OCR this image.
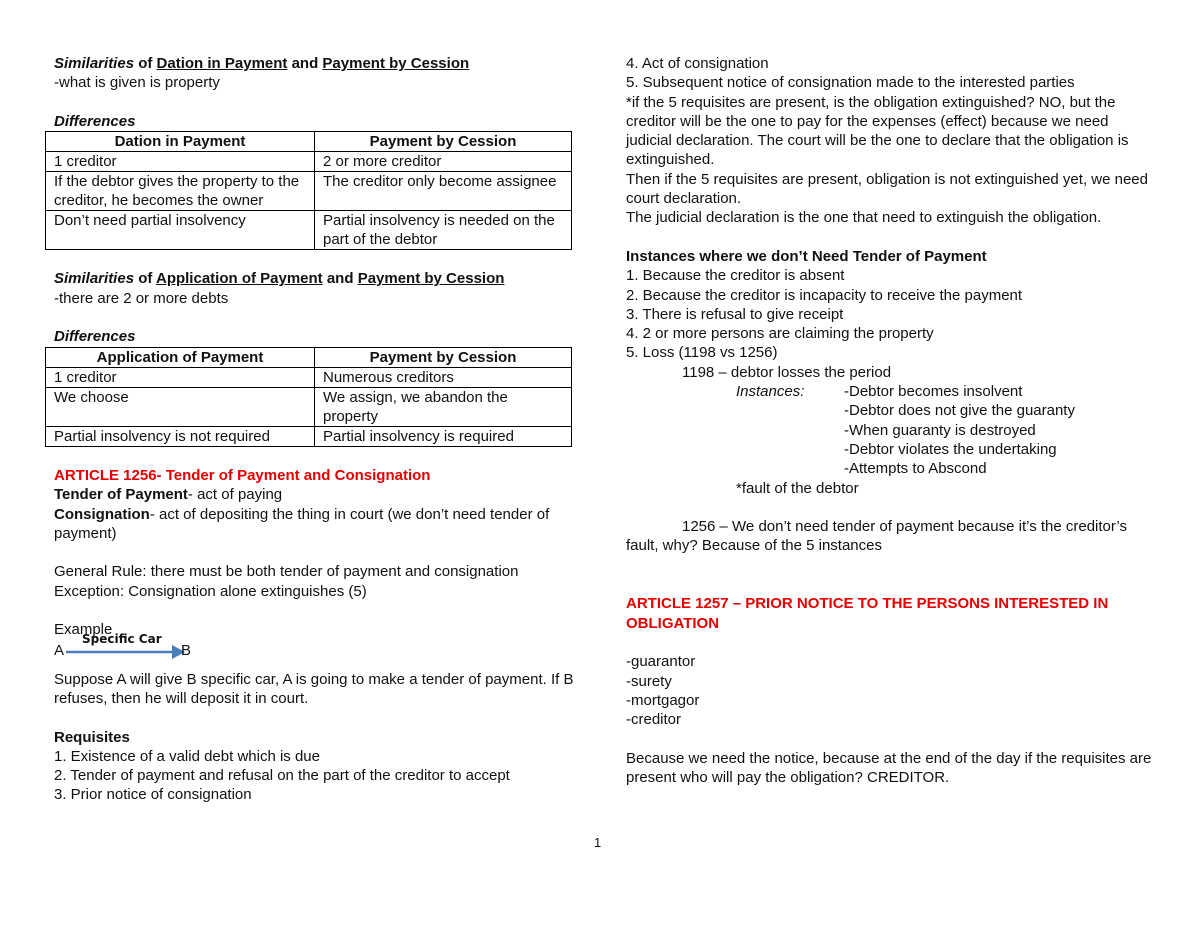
Similarities of Dation in Payment and Payment by Cession
-what is given is property
Differences
Dation in Payment	Payment by Cession
1 creditor	2 or more creditor
If the debtor gives the property to the creditor, he becomes the owner	The creditor only become assignee
Don’t need partial insolvency	Partial insolvency is needed on the part of the debtor
Similarities of Application of Payment and Payment by Cession
-there are 2 or more debts
Differences
Application of Payment	Payment by Cession
1 creditor	Numerous creditors
We choose	We assign, we abandon the property
Partial insolvency is not required	Partial insolvency is required
ARTICLE 1256- Tender of Payment and Consignation
Tender of Payment- act of paying
Consignation- act of depositing the thing in court (we don’t need tender of payment)
General Rule: there must be both tender of payment and consignation
Exception: Consignation alone extinguishes (5)
Example
A
Specific Car
B
Suppose A will give B specific car, A is going to make a tender of payment. If B refuses, then he will deposit it in court.
Requisites
1. Existence of a valid debt which is due
2. Tender of payment and refusal on the part of the creditor to accept
3. Prior notice of consignation
4. Act of consignation
5. Subsequent notice of consignation made to the interested parties
*if the 5 requisites are present, is the obligation extinguished? NO, but the creditor will be the one to pay for the expenses (effect) because we need judicial declaration. The court will be the one to declare that the obligation is extinguished.
Then if the 5 requisites are present, obligation is not extinguished yet, we need court declaration.
The judicial declaration is the one that need to extinguish the obligation.
Instances where we don’t Need Tender of Payment
1. Because the creditor is absent
2. Because the creditor is incapacity to receive the payment
3. There is refusal to give receipt
4. 2 or more persons are claiming the property
5. Loss (1198 vs 1256)
1198 – debtor losses the period
Instances:	-Debtor becomes insolvent
-Debtor does not give the guaranty
-When guaranty is destroyed
-Debtor violates the undertaking
-Attempts to Abscond
*fault of the debtor
1256 – We don’t need tender of payment because it’s the creditor’s fault, why? Because of the 5 instances
ARTICLE 1257 – PRIOR NOTICE TO THE PERSONS INTERESTED IN OBLIGATION
-guarantor
-surety
-mortgagor
-creditor
Because we need the notice, because at the end of the day if the requisites are present who will pay the obligation? CREDITOR.
1
